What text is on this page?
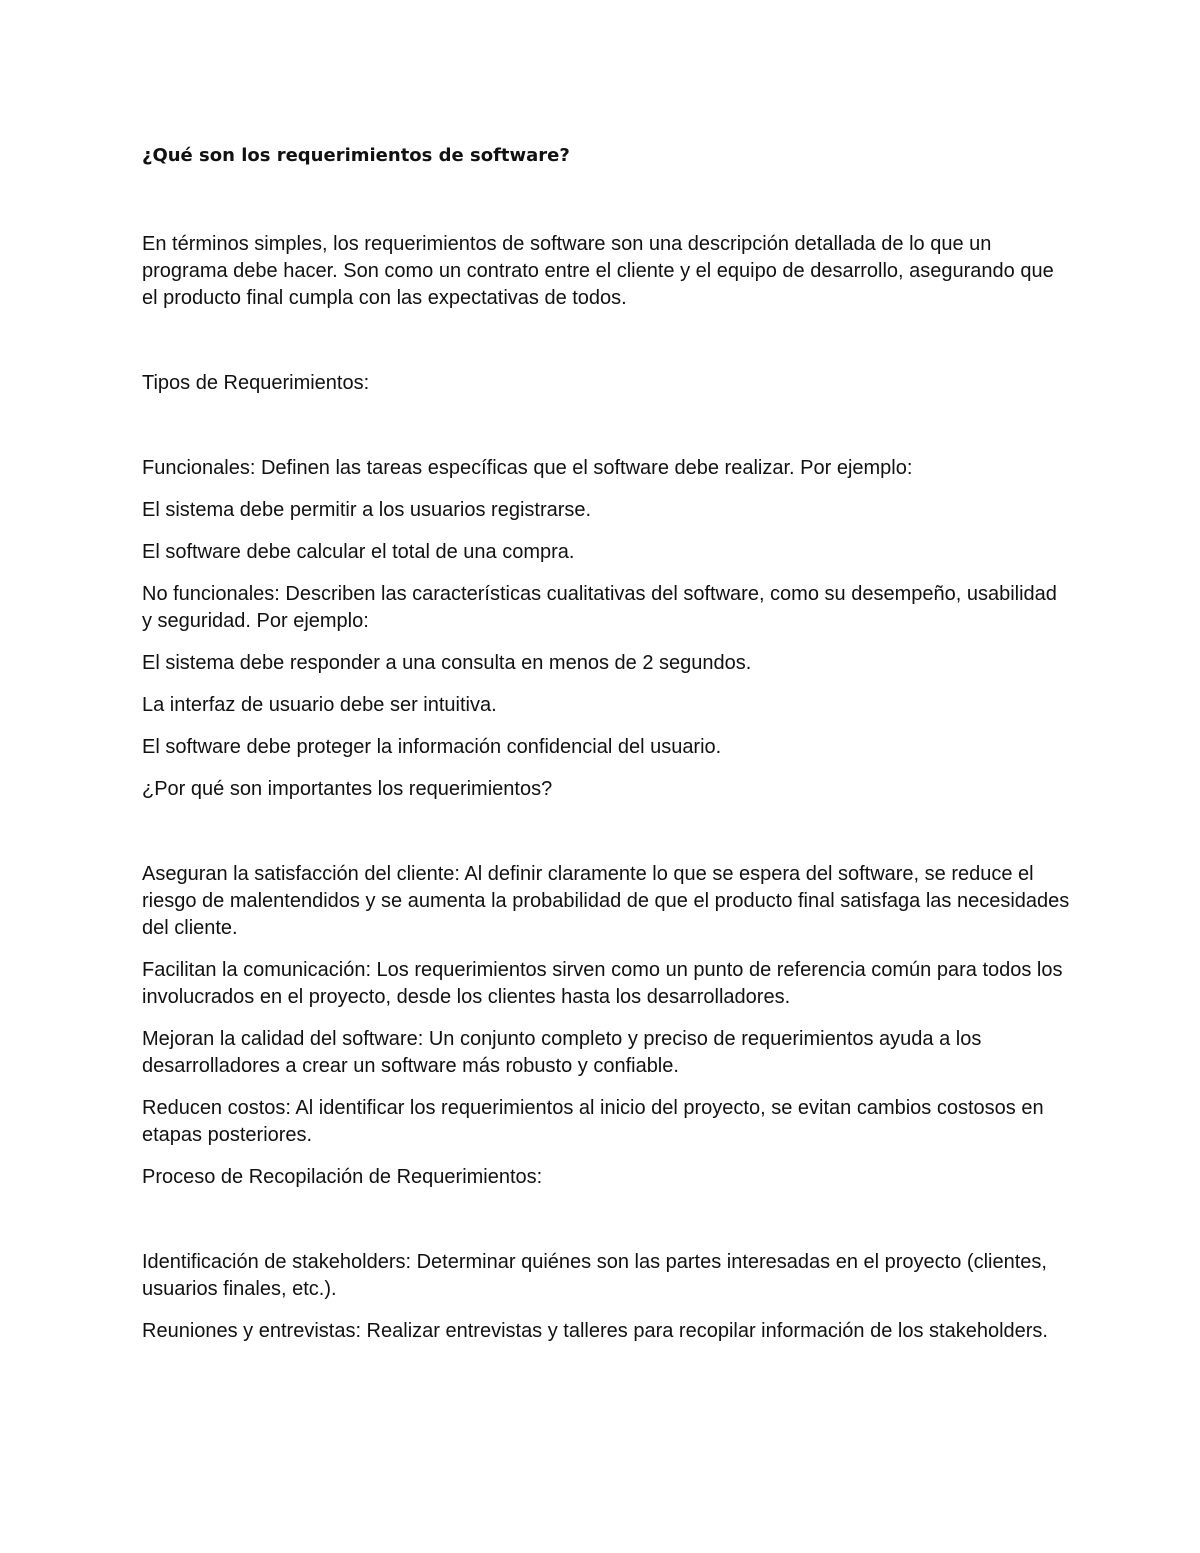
¿Qué son los requerimientos de software?

En términos simples, los requerimientos de software son una descripción detallada de lo que un programa debe hacer. Son como un contrato entre el cliente y el equipo de desarrollo, asegurando que el producto final cumpla con las expectativas de todos.

Tipos de Requerimientos:

Funcionales: Definen las tareas específicas que el software debe realizar. Por ejemplo:

El sistema debe permitir a los usuarios registrarse.

El software debe calcular el total de una compra.

No funcionales: Describen las características cualitativas del software, como su desempeño, usabilidad y seguridad. Por ejemplo:

El sistema debe responder a una consulta en menos de 2 segundos.

La interfaz de usuario debe ser intuitiva.

El software debe proteger la información confidencial del usuario.

¿Por qué son importantes los requerimientos?

Aseguran la satisfacción del cliente: Al definir claramente lo que se espera del software, se reduce el riesgo de malentendidos y se aumenta la probabilidad de que el producto final satisfaga las necesidades del cliente.

Facilitan la comunicación: Los requerimientos sirven como un punto de referencia común para todos los involucrados en el proyecto, desde los clientes hasta los desarrolladores.

Mejoran la calidad del software: Un conjunto completo y preciso de requerimientos ayuda a los desarrolladores a crear un software más robusto y confiable.

Reducen costos: Al identificar los requerimientos al inicio del proyecto, se evitan cambios costosos en etapas posteriores.

Proceso de Recopilación de Requerimientos:

Identificación de stakeholders: Determinar quiénes son las partes interesadas en el proyecto (clientes, usuarios finales, etc.).

Reuniones y entrevistas: Realizar entrevistas y talleres para recopilar información de los stakeholders.
